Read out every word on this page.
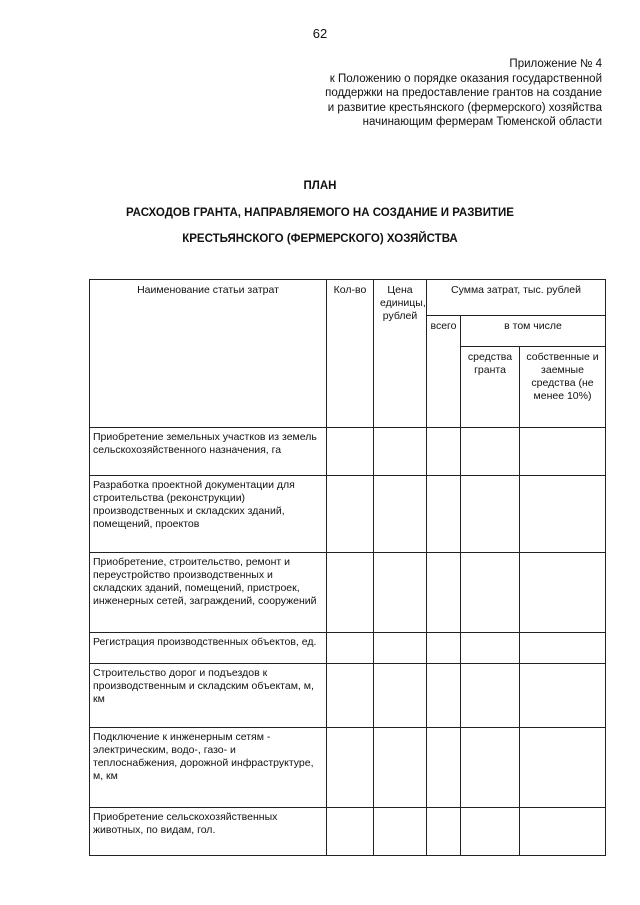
62
Приложение № 4
к Положению о порядке оказания государственной
поддержки на предоставление грантов на создание
и развитие крестьянского (фермерского) хозяйства
начинающим фермерам Тюменской области
ПЛАН
РАСХОДОВ ГРАНТА, НАПРАВЛЯЕМОГО НА СОЗДАНИЕ И РАЗВИТИЕ
КРЕСТЬЯНСКОГО (ФЕРМЕРСКОГО) ХОЗЯЙСТВА
Наименование статьи затрат	Кол-во	Цена единицы, рублей	Сумма затрат, тыс. рублей		
			всего	в том числе	
				средства гранта	собственные и заемные средства (не менее 10%)
Приобретение земельных участков из земель сельскохозяйственного назначения, га					
Разработка проектной документации для строительства (реконструкции) производственных и складских зданий, помещений, проектов					
Приобретение, строительство, ремонт и переустройство производственных и складских зданий, помещений, пристроек, инженерных сетей, заграждений, сооружений					
Регистрация производственных объектов, ед.					
Строительство дорог и подъездов к производственным и складским объектам, м, км					
Подключение к инженерным сетям - электрическим, водо-, газо- и теплоснабжения, дорожной инфраструктуре, м, км					
Приобретение сельскохозяйственных животных, по видам, гол.					
